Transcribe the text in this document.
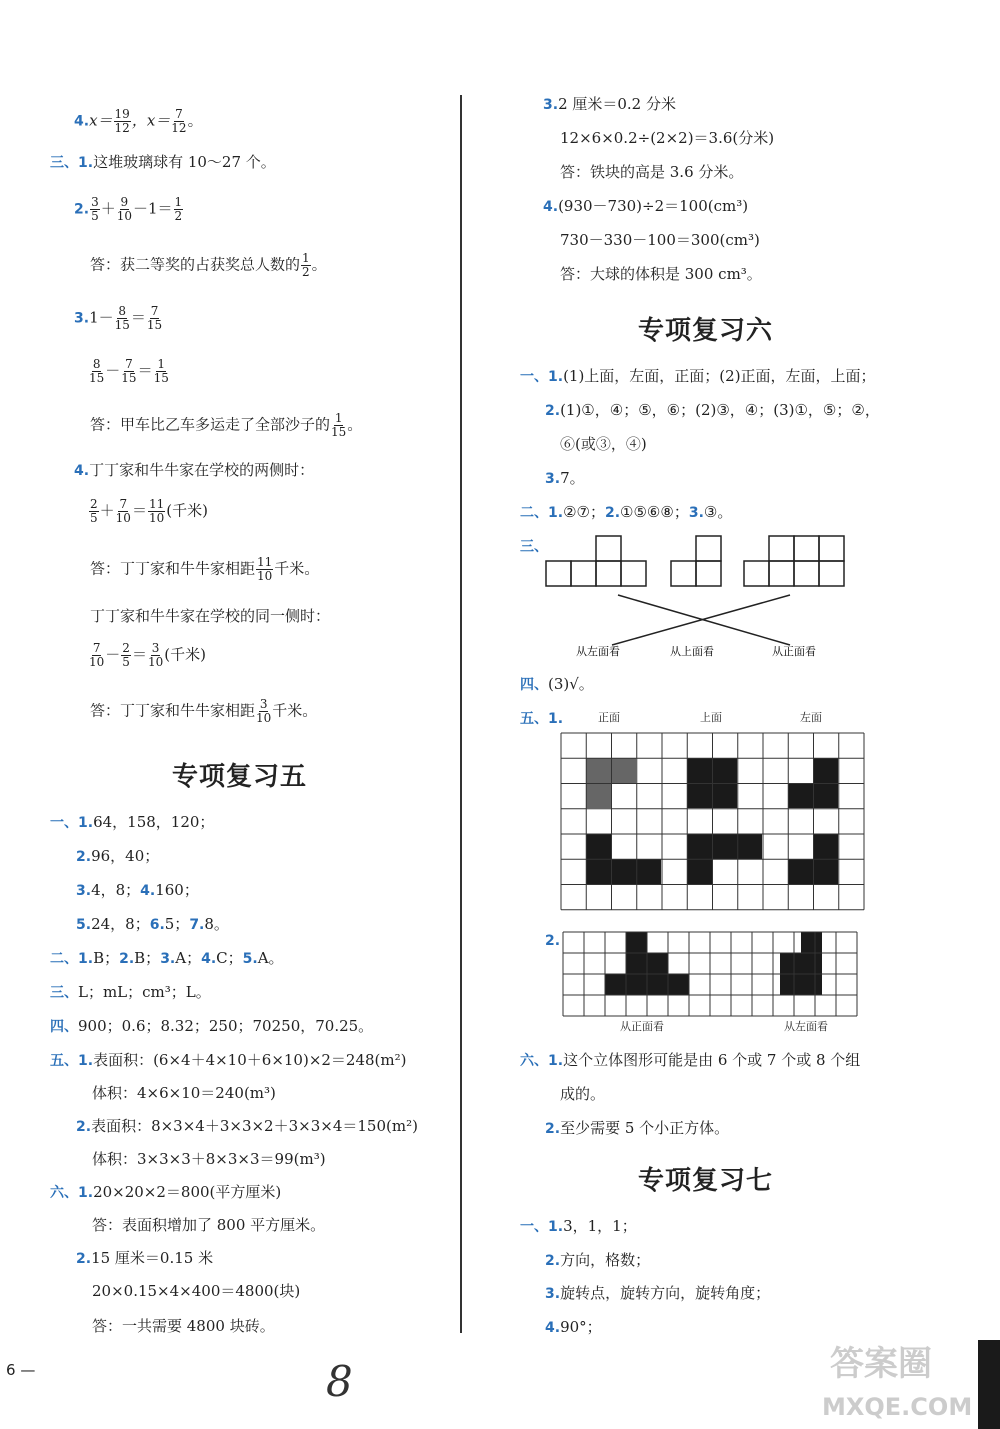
$4.x= \frac{19}{12}$ ，$x= \frac{7}{12}$ 。
三、1.这堆玻璃球有 10～27 个。
2. $\frac{3}{5} + \frac{9}{10} -1= \frac{1}{2}$
答：获二等奖的占获奖总人数的 $\frac{1}{2}$ 。
$3.1- \frac{8}{15} = \frac{7}{15}$
$\frac{8}{15} - \frac{7}{15} = \frac{1}{15}$
答：甲车比乙车多运走了全部沙子的 $\frac{1}{15}$ 。
4.丁丁家和牛牛家在学校的两侧时：
$\frac{2}{5} + \frac{7}{10} = \frac{11}{10}$ (千米)
答：丁丁家和牛牛家相距 $\frac{11}{10}$ 千米。
丁丁家和牛牛家在学校的同一侧时：
$\frac{7}{10} - \frac{2}{5} = \frac{3}{10}$ (千米)
答：丁丁家和牛牛家相距 $\frac{3}{10}$ 千米。
专项复习五
一、1.64，158，120；
2.96，40；
3.4，8；4.160；
5.24，8；6.5；7.8。
二、1.B；2.B；3.A；4.C；5.A。
三、L；mL；cm³；L。
四、900；0.6；8.32；250；70250，70.25。
五、1.表面积：(6×4＋4×10＋6×10)×2＝248(m²)
体积：4×6×10＝240(m³)
2.表面积：8×3×4＋3×3×2＋3×3×4＝150(m²)
体积：3×3×3＋8×3×3＝99(m³)
六、1.20×20×2＝800(平方厘米)
答：表面积增加了 800 平方厘米。
2.15 厘米＝0.15 米
20×0.15×4×400＝4800(块)
答：一共需要 4800 块砖。
3.2 厘米＝0.2 分米
12×6×0.2÷(2×2)＝3.6(分米)
答：铁块的高是 3.6 分米。
4.(930－730)÷2＝100(cm³)
730－330－100＝300(cm³)
答：大球的体积是 300 cm³。
专项复习六
一、1.(1)上面，左面，正面；(2)正面，左面，上面；
2.(1)①，④；⑤，⑥；(2)③，④；(3)①，⑤；②，
⑥(或③，④)
3.7。
二、1.②⑦；2.①⑤⑥⑧；3.③。
三、
从左面看	从上面看	从正面看
四、(3)√。
五、1.	正面	上面	左面
2.
从正面看	从左面看
六、1.这个立体图形可能是由 6 个或 7 个或 8 个组
成的。
2.至少需要 5 个小正方体。
专项复习七
一、1.3，1，1；
2.方向，格数；
3.旋转点，旋转方向，旋转角度；
4.90°；
6 —	8	答案圈
MXQE.COM
